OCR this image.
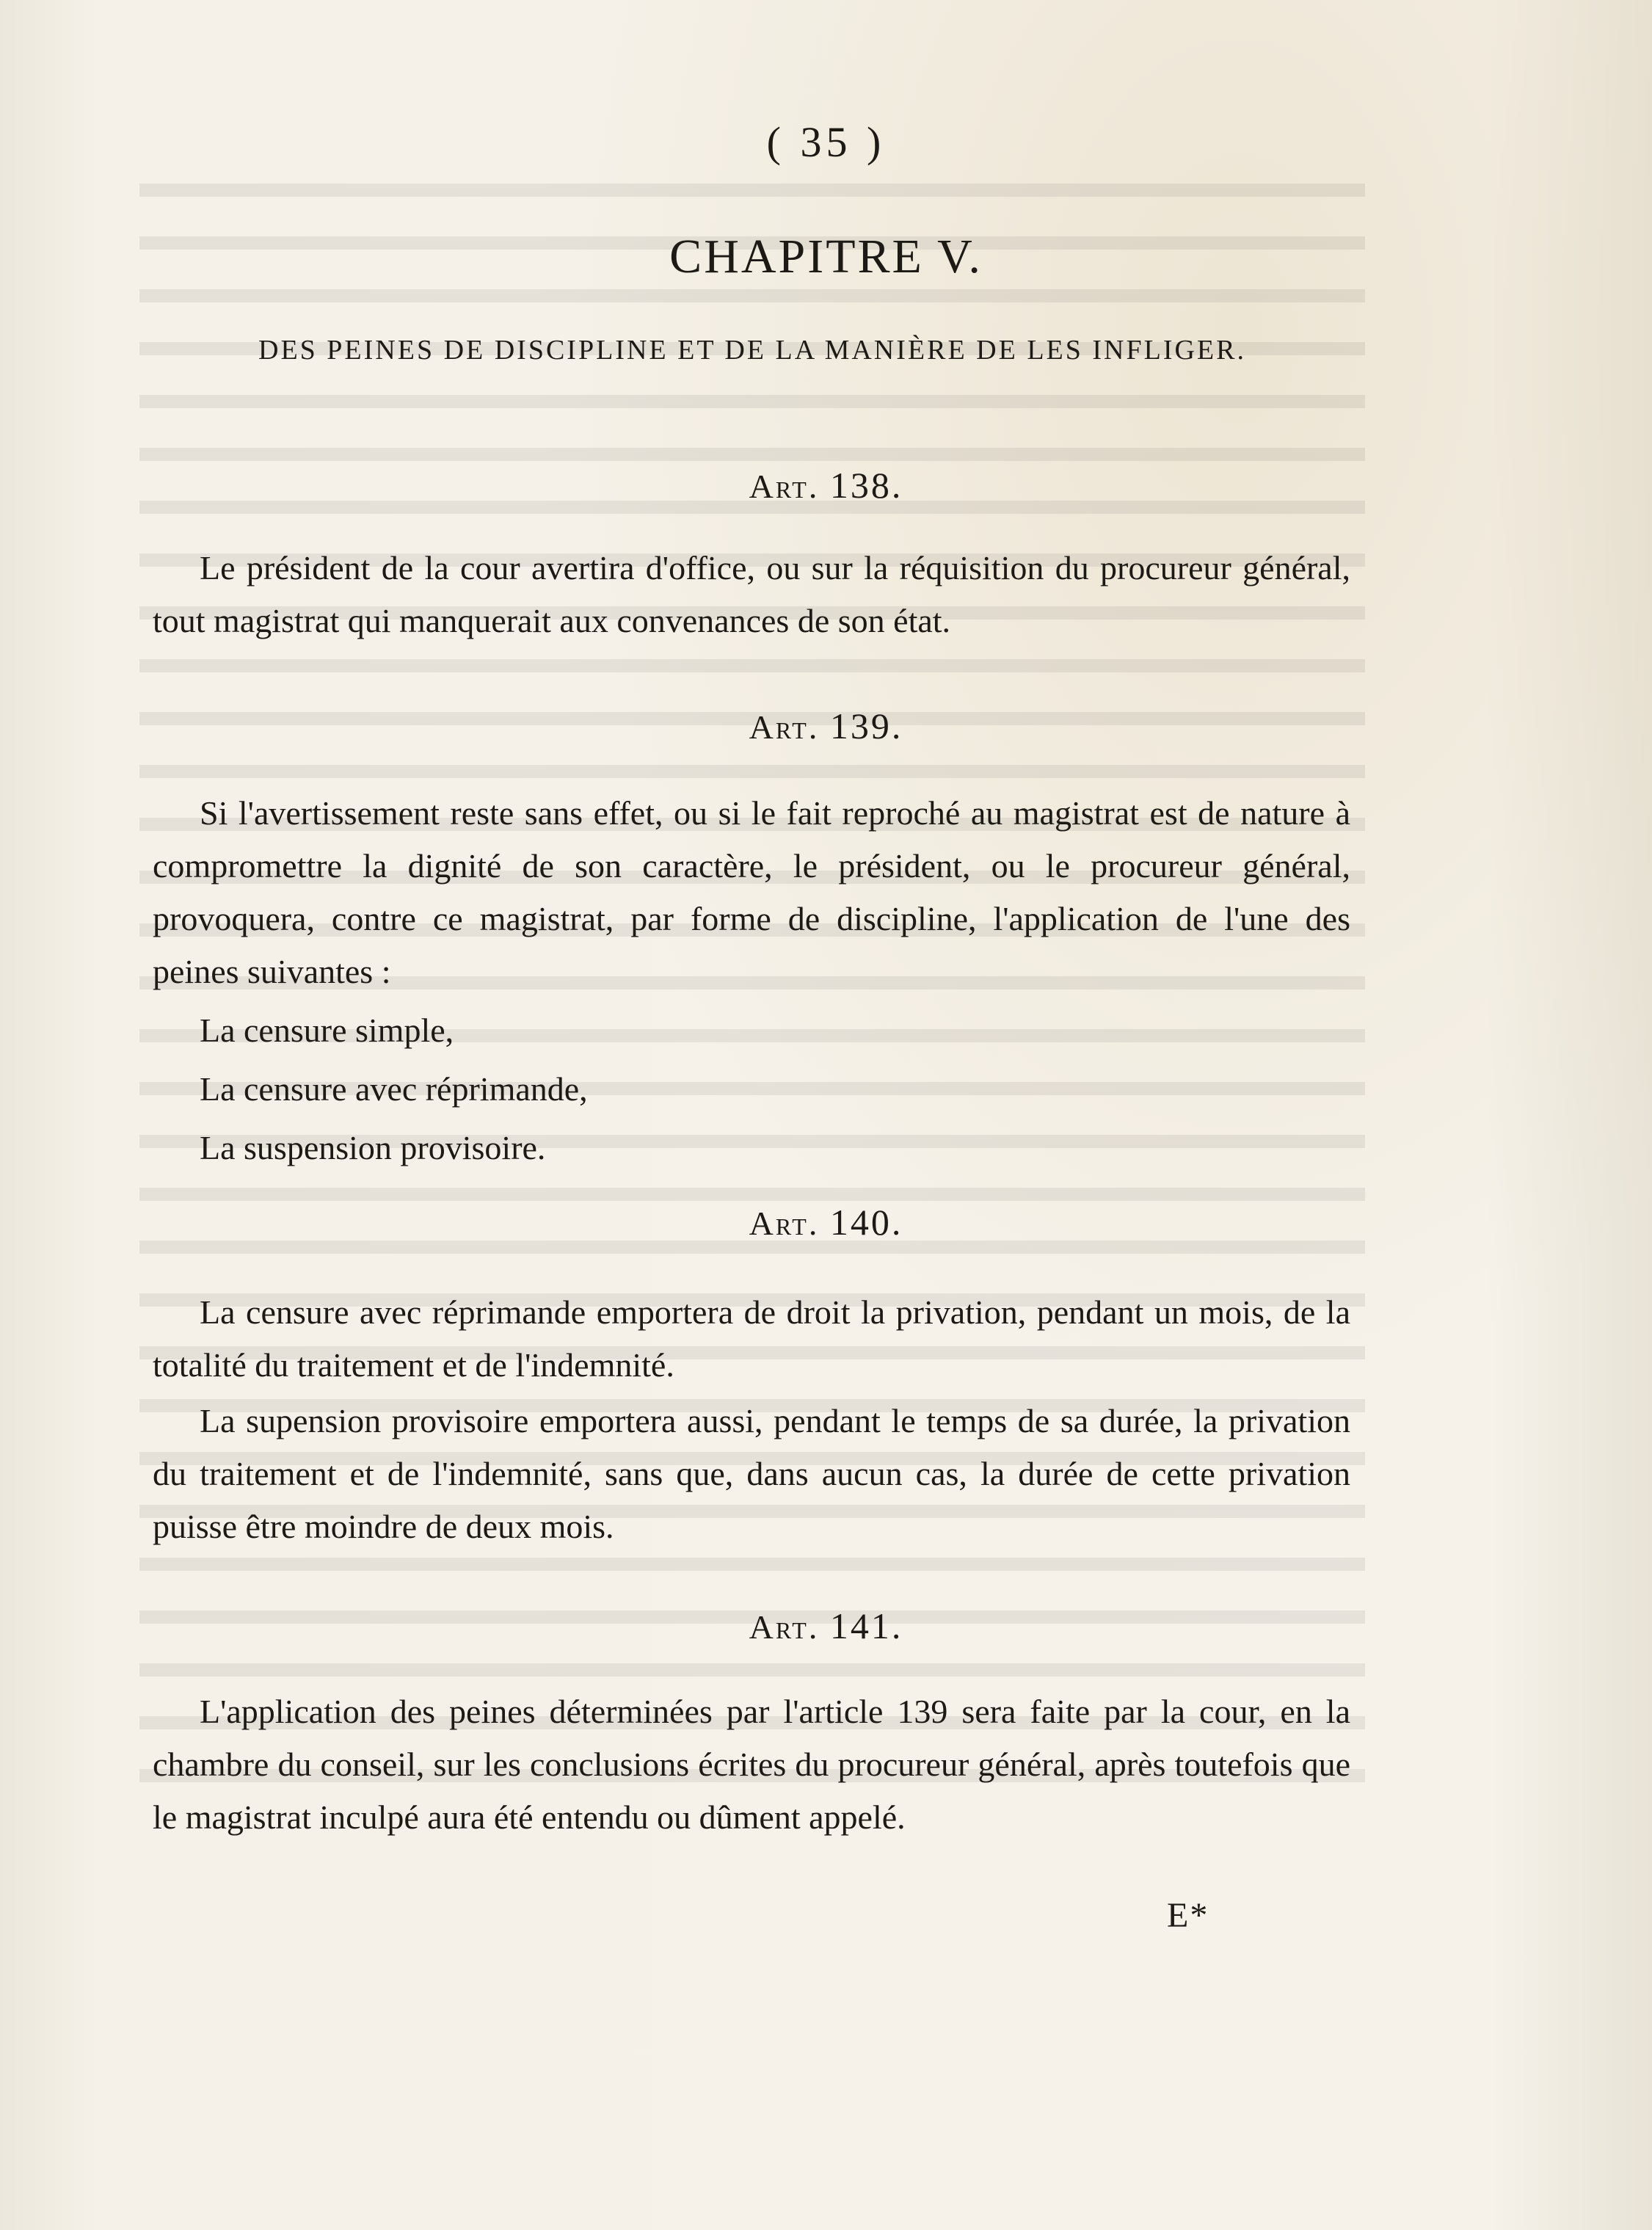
( 35 )
CHAPITRE V.
DES PEINES DE DISCIPLINE ET DE LA MANIÈRE DE LES INFLIGER.
Art. 138.

Le président de la cour avertira d'office, ou sur la réquisition du procureur général, tout magistrat qui manquerait aux convenances de son état.

Art. 139.

Si l'avertissement reste sans effet, ou si le fait reproché au magistrat est de nature à compromettre la dignité de son caractère, le président, ou le procureur général, provoquera, contre ce magistrat, par forme de discipline, l'application de l'une des peines suivantes :

La censure simple,
La censure avec réprimande,
La suspension provisoire.
Art. 140.

La censure avec réprimande emportera de droit la privation, pendant un mois, de la totalité du traitement et de l'indemnité.

La supension provisoire emportera aussi, pendant le temps de sa durée, la privation du traitement et de l'indemnité, sans que, dans aucun cas, la durée de cette privation puisse être moindre de deux mois.

Art. 141.

L'application des peines déterminées par l'article 139 sera faite par la cour, en la chambre du conseil, sur les conclusions écrites du procureur général, après toutefois que le magistrat inculpé aura été entendu ou dûment appelé.

E*
